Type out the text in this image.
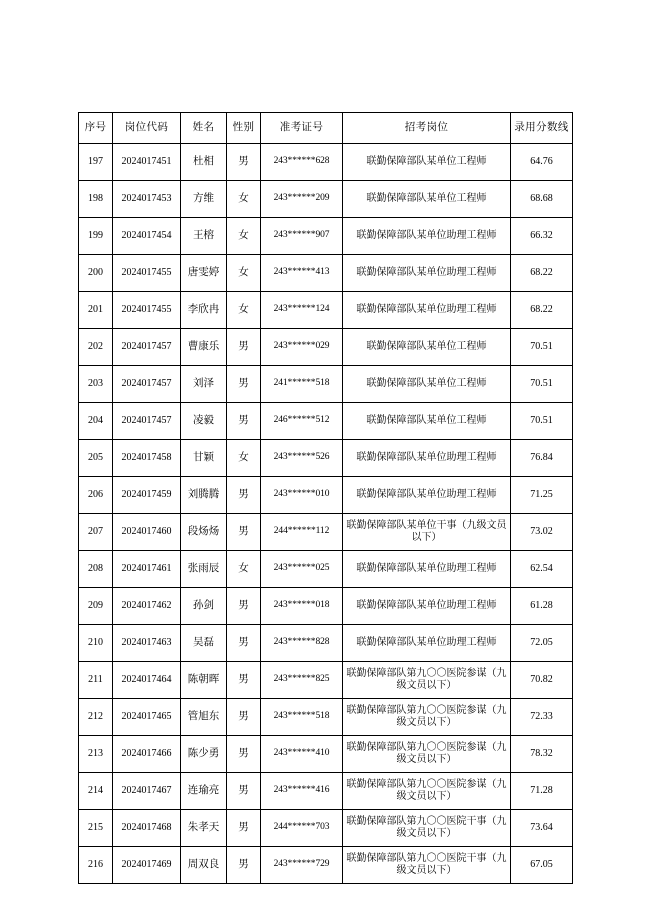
序号	岗位代码	姓名	性别	准考证号	招考岗位	录用分数线
197	2024017451	杜相	男	243******628	联勤保障部队某单位工程师	64.76
198	2024017453	方维	女	243******209	联勤保障部队某单位工程师	68.68
199	2024017454	王榕	女	243******907	联勤保障部队某单位助理工程师	66.32
200	2024017455	唐雯婷	女	243******413	联勤保障部队某单位助理工程师	68.22
201	2024017455	李欣冉	女	243******124	联勤保障部队某单位助理工程师	68.22
202	2024017457	曹康乐	男	243******029	联勤保障部队某单位工程师	70.51
203	2024017457	刘泽	男	241******518	联勤保障部队某单位工程师	70.51
204	2024017457	凌毅	男	246******512	联勤保障部队某单位工程师	70.51
205	2024017458	甘颖	女	243******526	联勤保障部队某单位助理工程师	76.84
206	2024017459	刘腾腾	男	243******010	联勤保障部队某单位助理工程师	71.25
207	2024017460	段炀炀	男	244******112	联勤保障部队某单位干事（九级文员以下）	73.02
208	2024017461	张雨辰	女	243******025	联勤保障部队某单位助理工程师	62.54
209	2024017462	孙剑	男	243******018	联勤保障部队某单位助理工程师	61.28
210	2024017463	吴磊	男	243******828	联勤保障部队某单位助理工程师	72.05
211	2024017464	陈朝晖	男	243******825	联勤保障部队第九〇〇医院参谋（九级文员以下）	70.82
212	2024017465	管旭东	男	243******518	联勤保障部队第九〇〇医院参谋（九级文员以下）	72.33
213	2024017466	陈少勇	男	243******410	联勤保障部队第九〇〇医院参谋（九级文员以下）	78.32
214	2024017467	连瑜亮	男	243******416	联勤保障部队第九〇〇医院参谋（九级文员以下）	71.28
215	2024017468	朱孝天	男	244******703	联勤保障部队第九〇〇医院干事（九级文员以下）	73.64
216	2024017469	周双良	男	243******729	联勤保障部队第九〇〇医院干事（九级文员以下）	67.05
